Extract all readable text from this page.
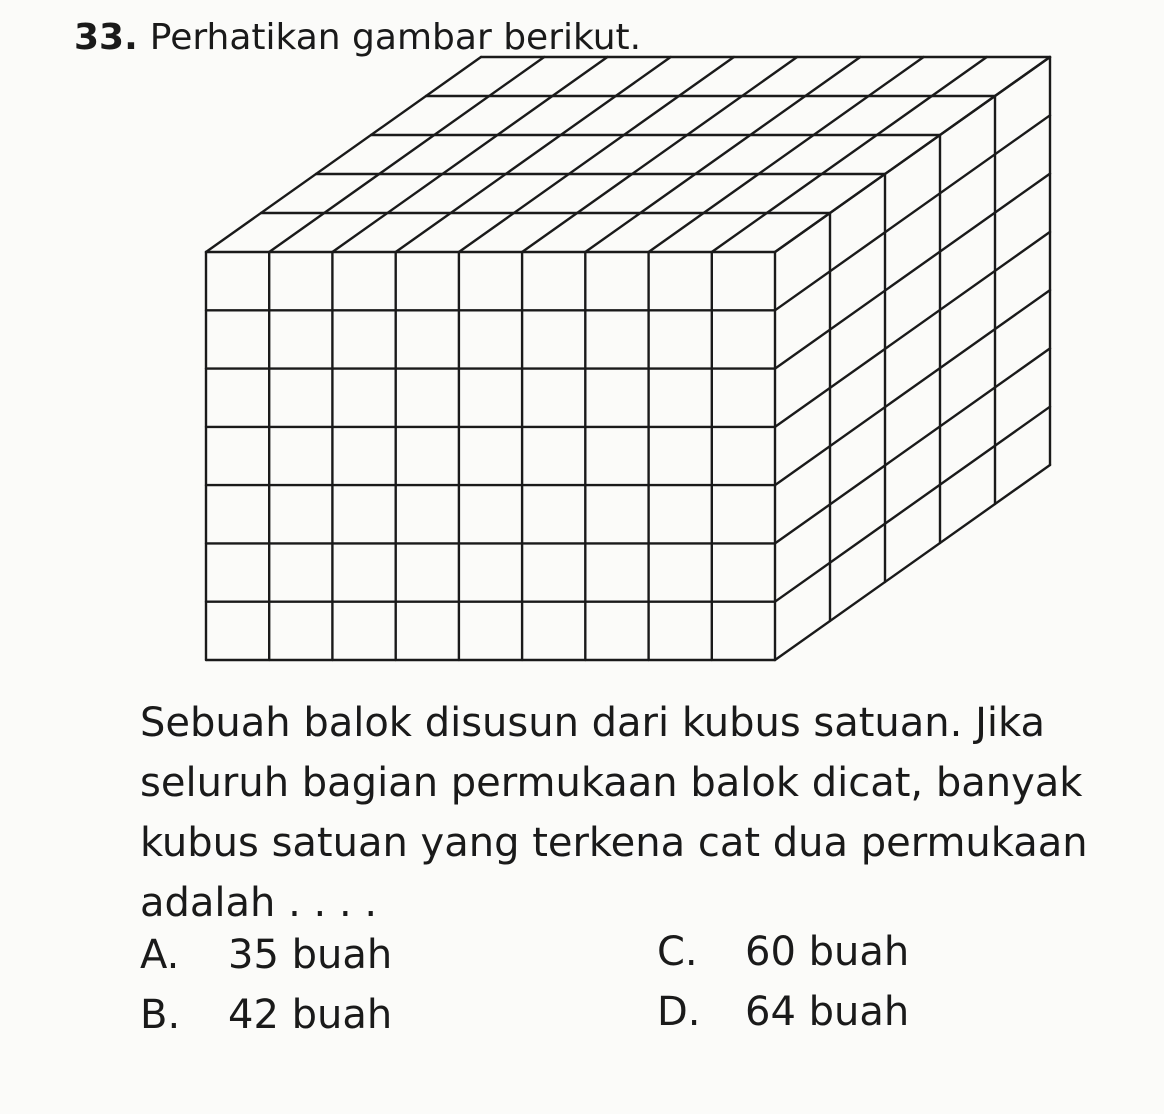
33. Perhatikan gambar berikut.

Sebuah balok disusun dari kubus satuan. Jika
seluruh bagian permukaan balok dicat, banyak
kubus satuan yang terkena cat dua permukaan
adalah . . . .

A. 35 buah
B. 42 buah
C. 60 buah
D. 64 buah
